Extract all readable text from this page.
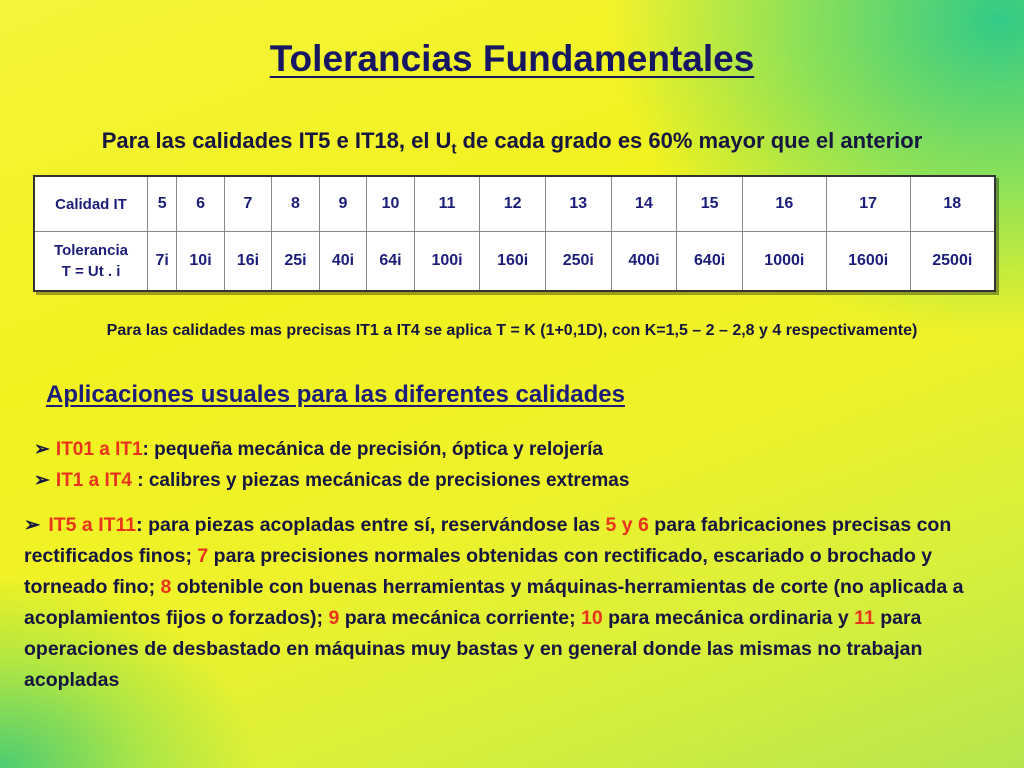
Tolerancias Fundamentales
Para las calidades IT5 e IT18, el $U_t$ de cada grado es 60% mayor que el anterior
Calidad IT	5	6	7	8	9	10	11	12	13	14	15	16	17	18
Tolerancia
T = Ut . i	7i	10i	16i	25i	40i	64i	100i	160i	250i	400i	640i	1000i	1600i	2500i
Para las calidades mas precisas IT1 a IT4 se aplica T = K (1+0,1D), con K=1,5 – 2 – 2,8 y 4 respectivamente)
Aplicaciones usuales para las diferentes calidades
➢ IT01 a IT1: pequeña mecánica de precisión, óptica y relojería
➢ IT1 a IT4 : calibres y piezas mecánicas de precisiones extremas
➢ IT5 a IT11: para piezas acopladas entre sí, reservándose las 5 y 6 para fabricaciones precisas con rectificados finos; 7 para precisiones normales obtenidas con rectificado, escariado o brochado y torneado fino; 8 obtenible con buenas herramientas y máquinas-herramientas de corte (no aplicada a acoplamientos fijos o forzados); 9 para mecánica corriente; 10 para mecánica ordinaria y 11 para operaciones de desbastado en máquinas muy bastas y en general donde las mismas no trabajan acopladas
